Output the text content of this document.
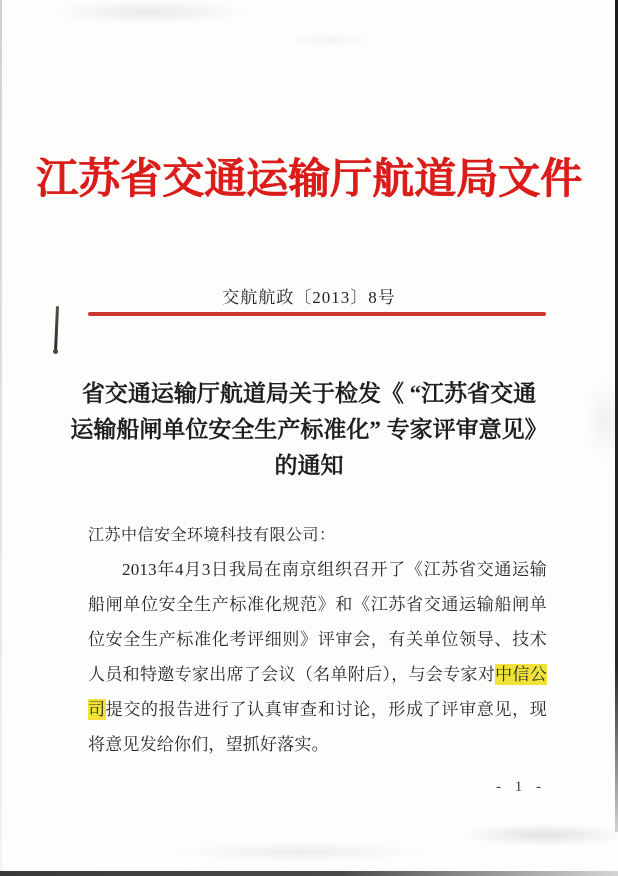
江苏省交通运输厅航道局文件
交航航政〔2013〕8号
省交通运输厅航道局关于检发《 “江苏省交通
运输船闸单位安全生产标准化” 专家评审意见》
的通知
江苏中信安全环境科技有限公司：
2013年4月3日我局在南京组织召开了《江苏省交通运输船闸单位安全生产标准化规范》和《江苏省交通运输船闸单位安全生产标准化考评细则》评审会，有关单位领导、技术人员和特邀专家出席了会议（名单附后），与会专家对中信公司提交的报告进行了认真审查和讨论，形成了评审意见，现将意见发给你们，望抓好落实。
- 1 -
